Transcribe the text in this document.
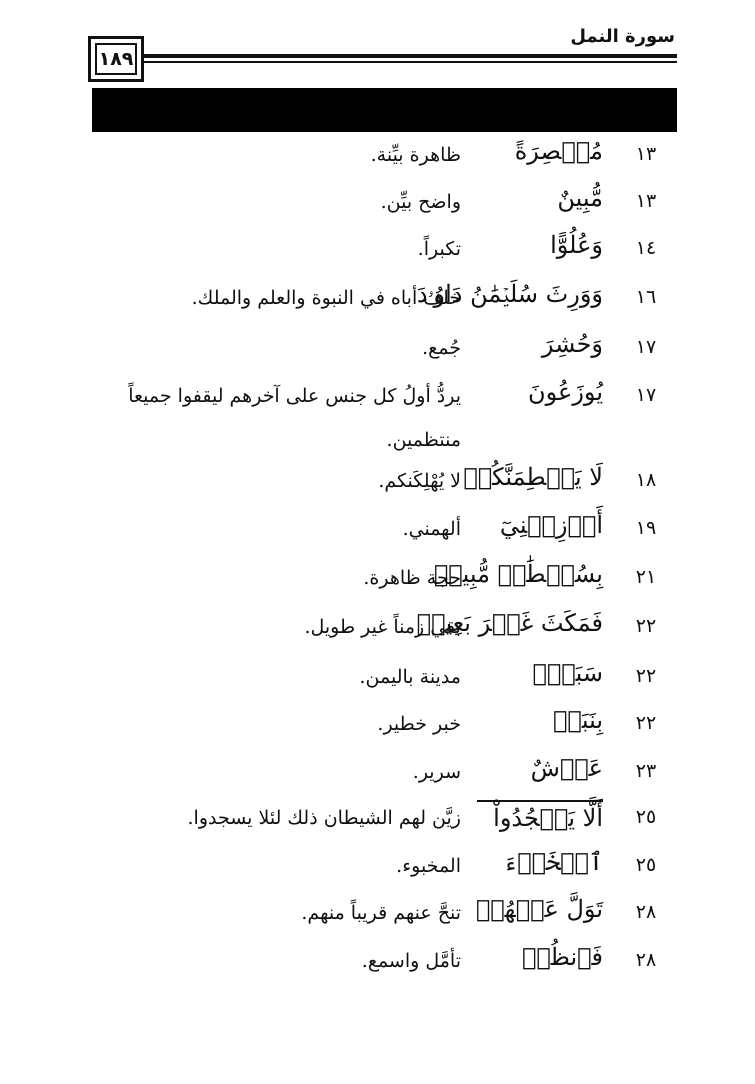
١٨٩
سورة النمل
١٣
مُبۡصِرَةً
ظاهرة بيِّنة.
١٣
مُّبِينٌ
واضح بيِّن.
١٤
وَعُلُوًّا
تكبراً.
١٦
وَوَرِثَ سُلَيۡمَٰنُ دَاوُۥدَ
خلف أباه في النبوة والعلم والملك.
١٧
وَحُشِرَ
جُمع.
١٧
يُوزَعُونَ
يردُّ أولُ كل جنس على آخرهم ليقفوا جميعاً منتظمين.
١٨
لَا يَحۡطِمَنَّكُمۡ
لا يُهْلِكَنكم.
١٩
أَوۡزِعۡنِيٓ
ألهمني.
٢١
بِسُلۡطَٰنٖ مُّبِينٖ
حجة ظاهرة.
٢٢
فَمَكَثَ غَيۡرَ بَعِيدٖ
بقي زمناً غير طويل.
٢٢
سَبَإِۭ
مدينة باليمن.
٢٢
بِنَبَإٖ
خبر خطير.
٢٣
عَرۡشٌ
سرير.
٢٥
أَلَّا يَسۡجُدُواْ
زيَّن لهم الشيطان ذلك لئلا يسجدوا.
٢٥
ٱلۡخَبۡءَ
المخبوء.
٢٨
تَوَلَّ عَنۡهُمۡ
تنحَّ عنهم قريباً منهم.
٢٨
فَٱنظُرۡ
تأمَّل واسمع.
